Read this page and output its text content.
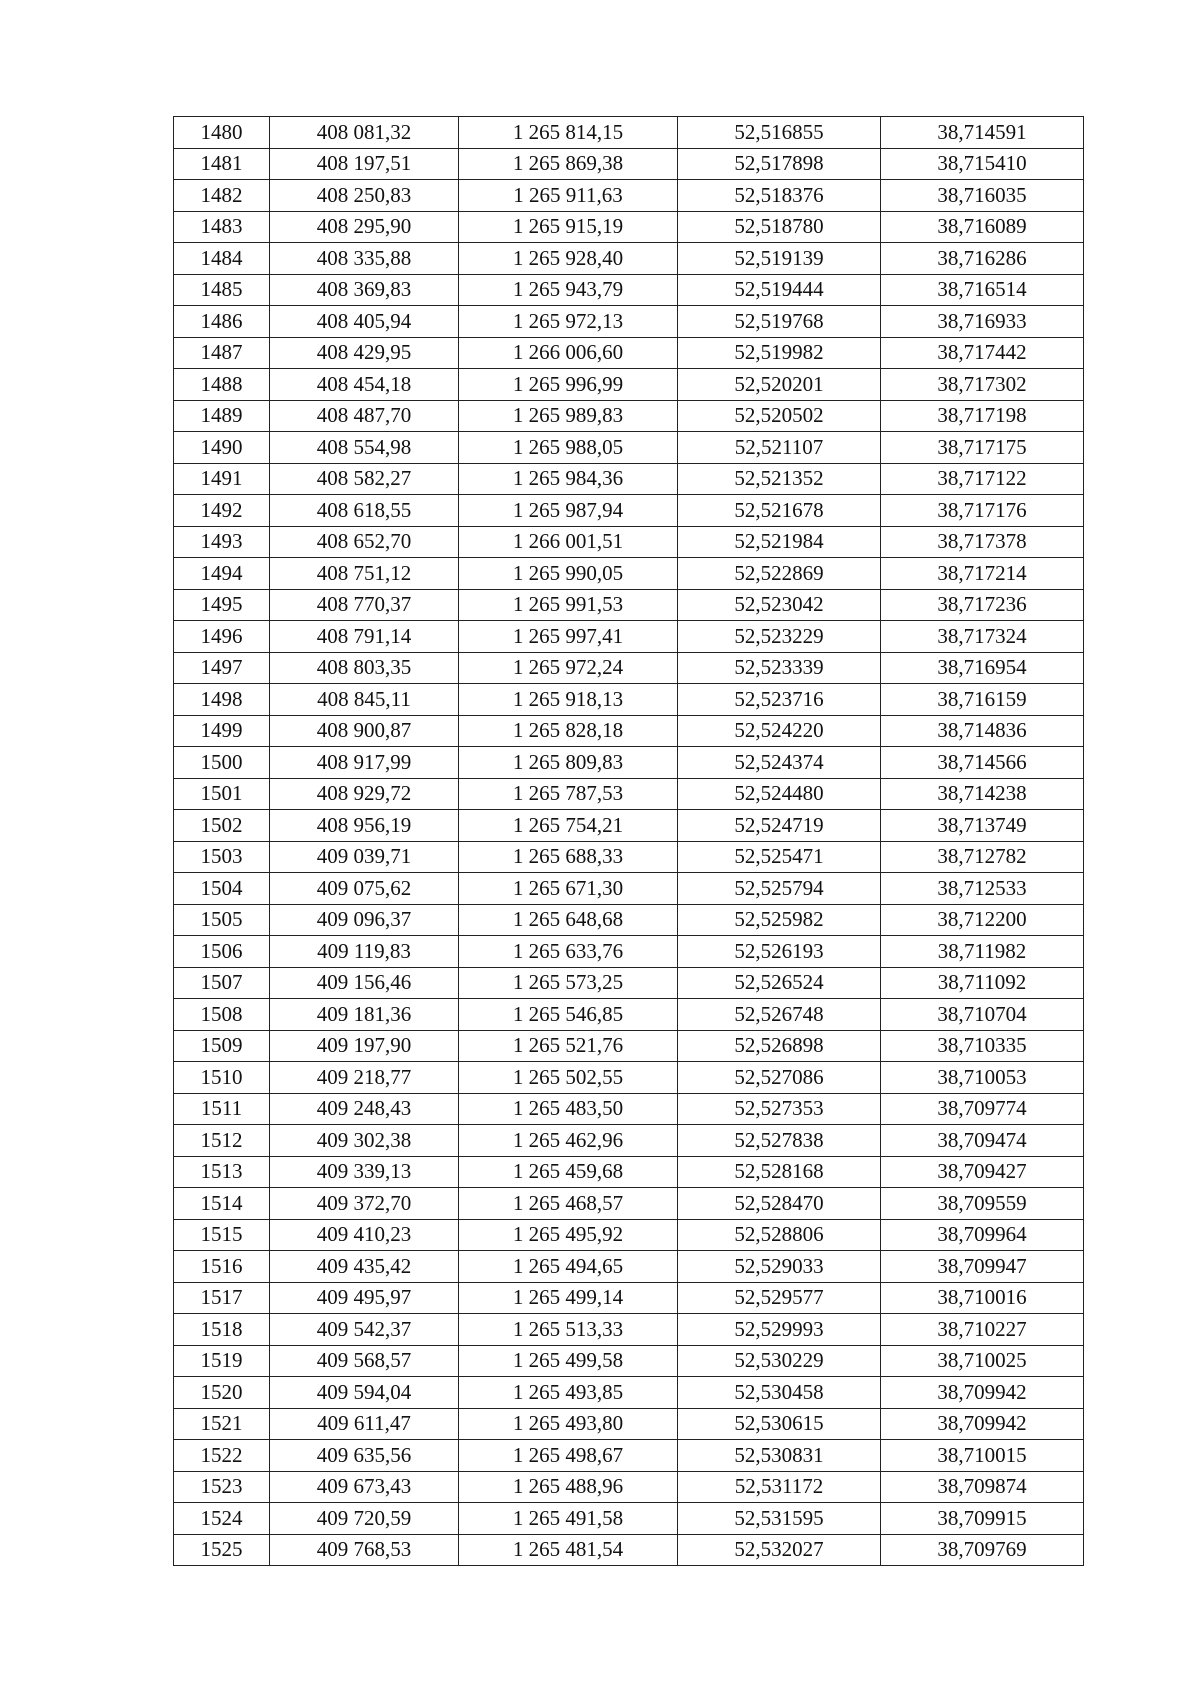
1480	408 081,32	1 265 814,15	52,516855	38,714591
1481	408 197,51	1 265 869,38	52,517898	38,715410
1482	408 250,83	1 265 911,63	52,518376	38,716035
1483	408 295,90	1 265 915,19	52,518780	38,716089
1484	408 335,88	1 265 928,40	52,519139	38,716286
1485	408 369,83	1 265 943,79	52,519444	38,716514
1486	408 405,94	1 265 972,13	52,519768	38,716933
1487	408 429,95	1 266 006,60	52,519982	38,717442
1488	408 454,18	1 265 996,99	52,520201	38,717302
1489	408 487,70	1 265 989,83	52,520502	38,717198
1490	408 554,98	1 265 988,05	52,521107	38,717175
1491	408 582,27	1 265 984,36	52,521352	38,717122
1492	408 618,55	1 265 987,94	52,521678	38,717176
1493	408 652,70	1 266 001,51	52,521984	38,717378
1494	408 751,12	1 265 990,05	52,522869	38,717214
1495	408 770,37	1 265 991,53	52,523042	38,717236
1496	408 791,14	1 265 997,41	52,523229	38,717324
1497	408 803,35	1 265 972,24	52,523339	38,716954
1498	408 845,11	1 265 918,13	52,523716	38,716159
1499	408 900,87	1 265 828,18	52,524220	38,714836
1500	408 917,99	1 265 809,83	52,524374	38,714566
1501	408 929,72	1 265 787,53	52,524480	38,714238
1502	408 956,19	1 265 754,21	52,524719	38,713749
1503	409 039,71	1 265 688,33	52,525471	38,712782
1504	409 075,62	1 265 671,30	52,525794	38,712533
1505	409 096,37	1 265 648,68	52,525982	38,712200
1506	409 119,83	1 265 633,76	52,526193	38,711982
1507	409 156,46	1 265 573,25	52,526524	38,711092
1508	409 181,36	1 265 546,85	52,526748	38,710704
1509	409 197,90	1 265 521,76	52,526898	38,710335
1510	409 218,77	1 265 502,55	52,527086	38,710053
1511	409 248,43	1 265 483,50	52,527353	38,709774
1512	409 302,38	1 265 462,96	52,527838	38,709474
1513	409 339,13	1 265 459,68	52,528168	38,709427
1514	409 372,70	1 265 468,57	52,528470	38,709559
1515	409 410,23	1 265 495,92	52,528806	38,709964
1516	409 435,42	1 265 494,65	52,529033	38,709947
1517	409 495,97	1 265 499,14	52,529577	38,710016
1518	409 542,37	1 265 513,33	52,529993	38,710227
1519	409 568,57	1 265 499,58	52,530229	38,710025
1520	409 594,04	1 265 493,85	52,530458	38,709942
1521	409 611,47	1 265 493,80	52,530615	38,709942
1522	409 635,56	1 265 498,67	52,530831	38,710015
1523	409 673,43	1 265 488,96	52,531172	38,709874
1524	409 720,59	1 265 491,58	52,531595	38,709915
1525	409 768,53	1 265 481,54	52,532027	38,709769
